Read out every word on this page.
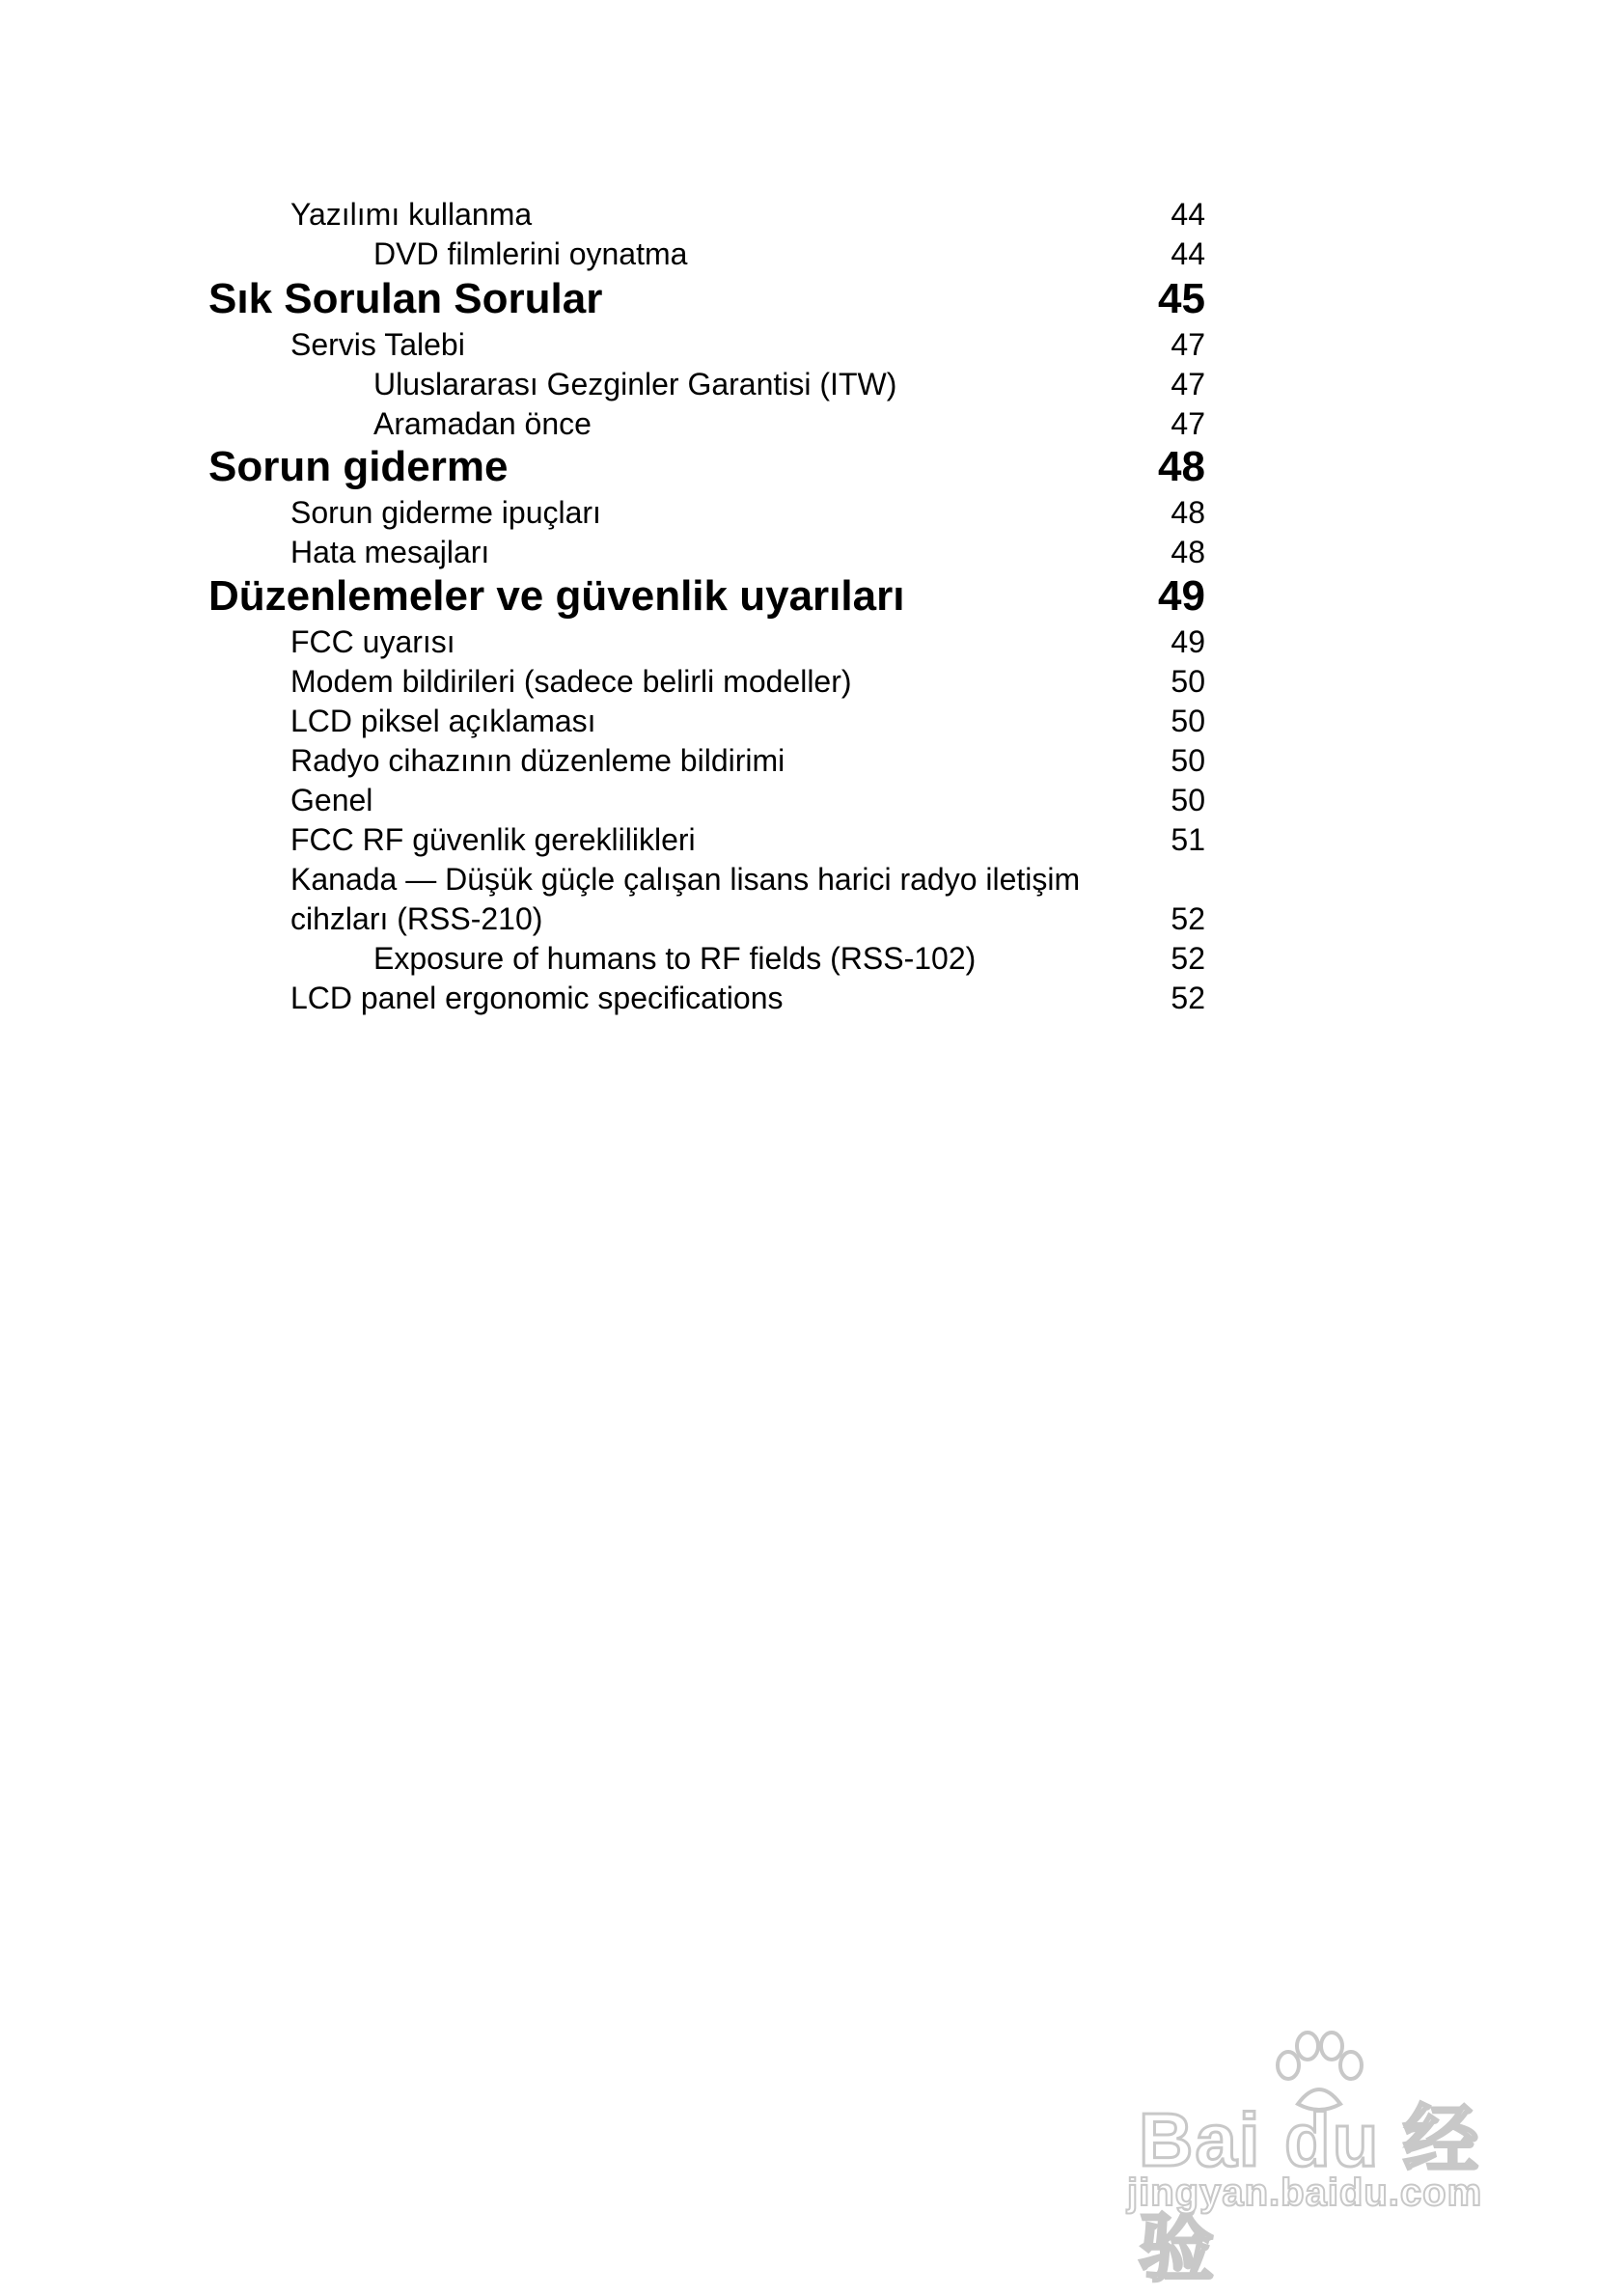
Yazılımı kullanma	44
DVD filmlerini oynatma	44
Sık Sorulan Sorular	45
Servis Talebi	47
Uluslararası Gezginler Garantisi (ITW)	47
Aramadan önce	47
Sorun giderme	48
Sorun giderme ipuçları	48
Hata mesajları	48
Düzenlemeler ve güvenlik uyarıları	49
FCC uyarısı	49
Modem bildirileri (sadece belirli modeller)	50
LCD piksel açıklaması	50
Radyo cihazının düzenleme bildirimi	50
Genel	50
FCC RF güvenlik gereklilikleri	51
Kanada — Düşük güçle çalışan lisans harici radyo iletişim
cihzları (RSS-210)	52
Exposure of humans to RF fields (RSS-102)	52
LCD panel ergonomic specifications	52
Bai du 经验
jingyan.baidu.com
